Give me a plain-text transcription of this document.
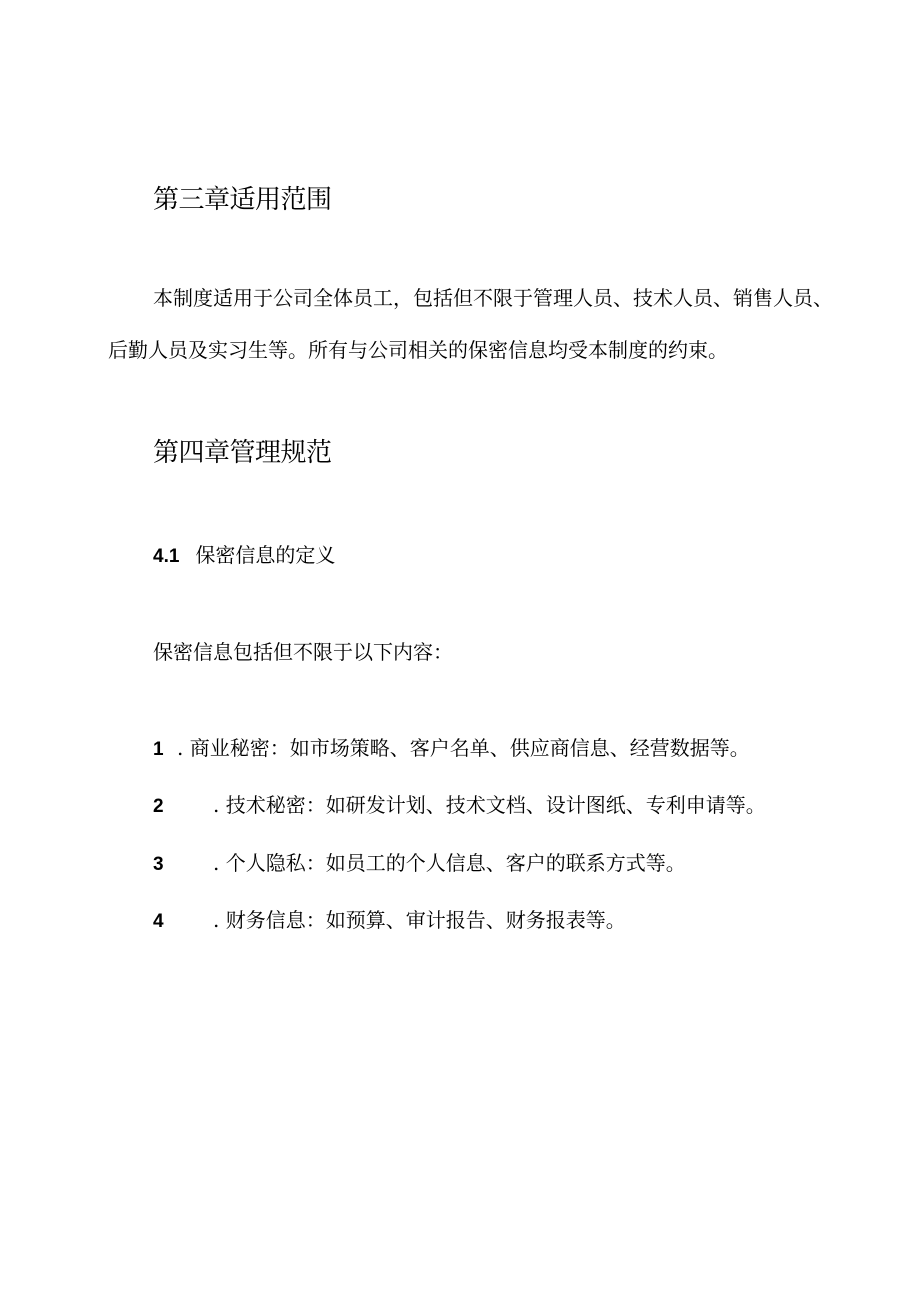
第三章适用范围

本制度适用于公司全体员工，包括但不限于管理人员、技术人员、销售人员、后勤人员及实习生等。所有与公司相关的保密信息均受本制度的约束。

第四章管理规范
4.1 保密信息的定义
保密信息包括但不限于以下内容：
1 . 商业秘密：如市场策略、客户名单、供应商信息、经营数据等。
2 . 技术秘密：如研发计划、技术文档、设计图纸、专利申请等。
3 . 个人隐私：如员工的个人信息、客户的联系方式等。
4 . 财务信息：如预算、审计报告、财务报表等。
